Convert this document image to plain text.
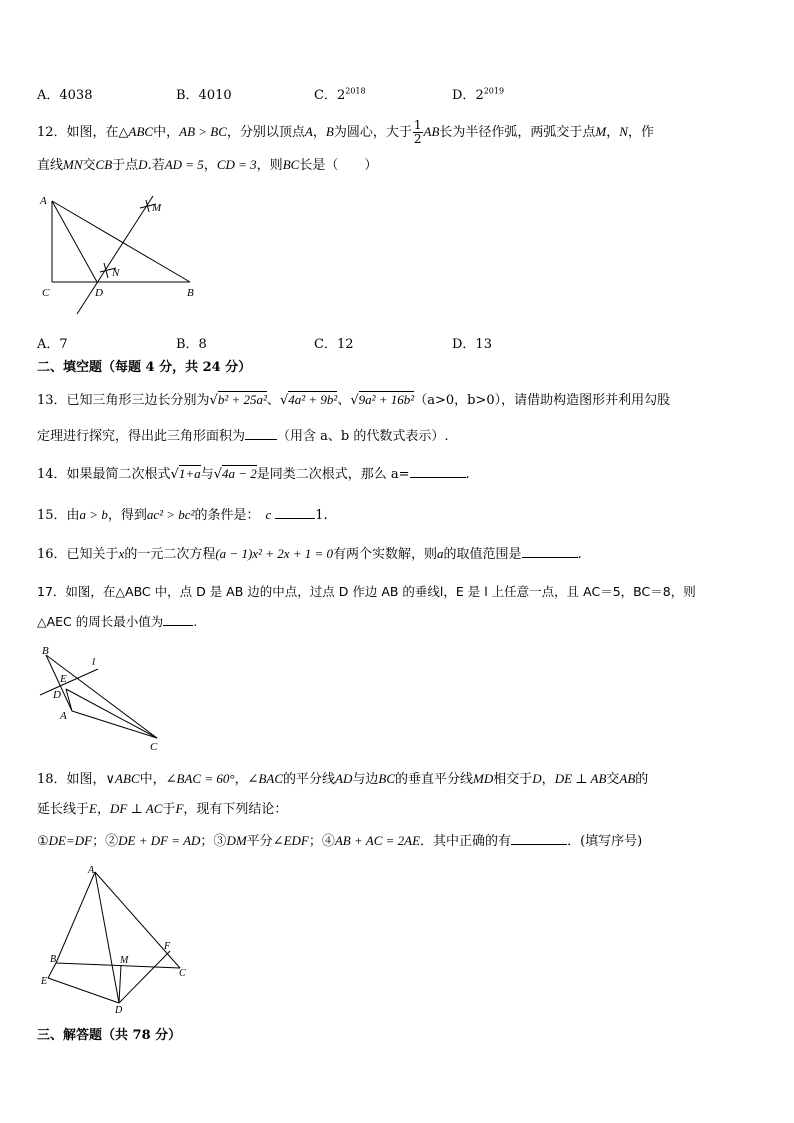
A．4038	B．4010	C．$2^{2018}$	D．$2^{2019}$
12．如图，在△ABC中，AB > BC，分别以顶点A，B为圆心，大于 $\frac{1}{2}$ AB长为半径作弧，两弧交于点M，N，作
直线MN交CB于点D.若AD = 5，CD = 3，则BC长是（　　）
A
M
N
C	D	B
A．7	B．8	C．12	D．13
二、填空题（每题 4 分，共 24 分）
13．已知三角形三边长分别为√b² + 25a²、√4a² + 9b²、√9a² + 16b²（a>0，b>0），请借助构造图形并利用勾股
定理进行探究，得出此三角形面积为 （用含 a、b 的代数式表示）.
14．如果最简二次根式√1+a与√4a − 2是同类二次根式，那么 a=	.
15．由a > b，得到ac² > bc²的条件是： c	1.
16．已知关于x的一元二次方程(a − 1)x² + 2x + 1 = 0有两个实数解，则a的取值范围是	.
17．如图，在△ABC 中，点 D 是 AB 边的中点，过点 D 作边 AB 的垂线l，E 是 l 上任意一点，且 AC＝5，BC＝8，则
△AEC 的周长最小值为 .
B
l
E
D
A
C
18．如图，∨ABC中，∠BAC = 60°，∠BAC的平分线AD与边BC的垂直平分线MD相交于D，DE ⊥ AB交AB的
延长线于E，DF ⊥ AC于F，现有下列结论：
①DE=DF；②DE + DF = AD；③DM平分∠EDF；④AB + AC = 2AE．其中正确的有	．(填写序号)
A
F
B	M
C
E
D
三、解答题（共 78 分）
